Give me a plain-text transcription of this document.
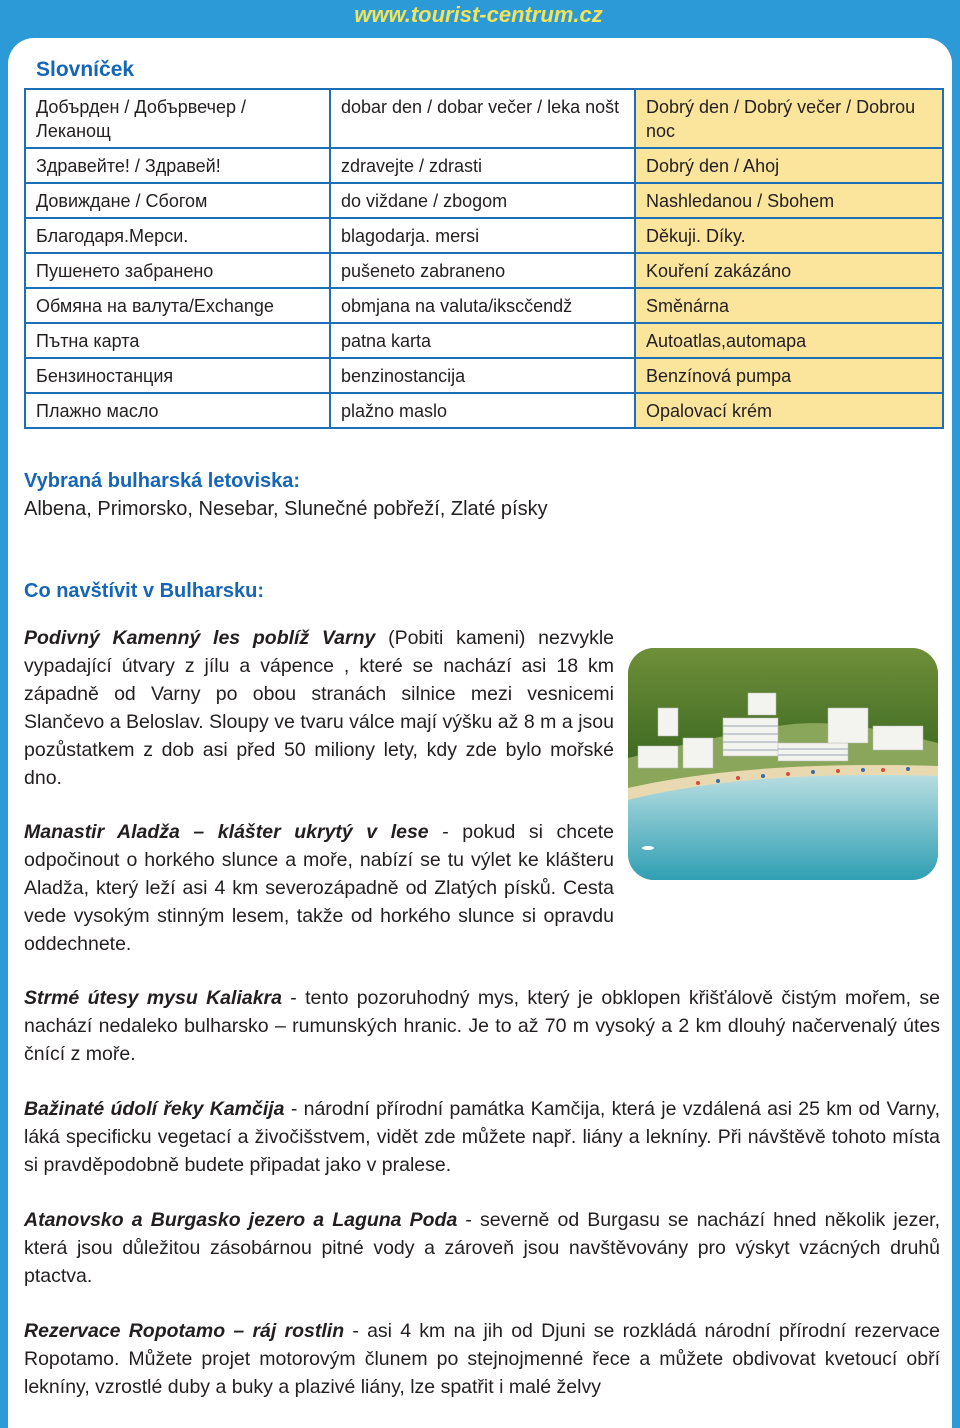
www.tourist-centrum.cz
Slovníček
Добърден / Добървечер / Леканощ	dobar den / dobar večer / leka nošt	Dobrý den / Dobrý večer / Dobrou noc
Здравейте! / Здравей!	zdravejte / zdrasti	Dobrý den / Ahoj
Довиждане / Сбогом	do viždane / zbogom	Nashledanou / Sbohem
Благодаря.Мерси.	blagodarja. mersi	Děkuji. Díky.
Пушенето забранено	pušeneto zabraneno	Kouření zakázáno
Обмяна на валута/Exchange	obmjana na valuta/ikscčendž	Směnárna
Пътна карта	patna karta	Autoatlas,automapa
Бензиностанция	benzinostancija	Benzínová pumpa
Плажно масло	plažno maslo	Opalovací krém
Vybraná bulharská letoviska:
Albena, Primorsko, Nesebar, Slunečné pobřeží, Zlaté písky
Co navštívit v Bulharsku:
Podivný Kamenný les poblíž Varny (Pobiti kameni) nezvykle vypadající útvary z jílu a vápence , které se nachází asi 18 km západně od Varny po obou stranách silnice mezi vesnicemi Slančevo a Beloslav. Sloupy ve tvaru válce mají výšku až 8 m a jsou pozůstatkem z dob asi před 50 miliony lety, kdy zde bylo mořské dno.
Manastir Aladža – klášter ukrytý v lese - pokud si chcete odpočinout o horkého slunce a moře, nabízí se tu výlet ke klášteru Aladža, který leží asi 4 km severozápadně od Zlatých písků. Cesta vede vysokým stinným lesem, takže od horkého slunce si opravdu oddechnete.
Strmé útesy mysu Kaliakra - tento pozoruhodný mys, který je obklopen křišťálově čistým mořem, se nachází nedaleko bulharsko – rumunských hranic. Je to až 70 m vysoký a 2 km dlouhý načervenalý útes čnící z moře.
Bažinaté údolí řeky Kamčija - národní přírodní památka Kamčija, která je vzdálená asi 25 km od Varny, láká specificku vegetací a živočišstvem, vidět zde můžete např. liány a lekníny. Při návštěvě tohoto místa si pravděpodobně budete připadat jako v pralese.
Atanovsko a Burgasko jezero a Laguna Poda - severně od Burgasu se nachází hned několik jezer, která jsou důležitou zásobárnou pitné vody a zároveň jsou navštěvovány pro výskyt vzácných druhů ptactva.
Rezervace Ropotamo – ráj rostlin - asi 4 km na jih od Djuni se rozkládá národní přírodní rezervace Ropotamo. Můžete projet motorovým člunem po stejnojmenné řece a můžete obdivovat kvetoucí obří lekníny, vzrostlé duby a buky a plazivé liány, lze spatřit i malé želvy
